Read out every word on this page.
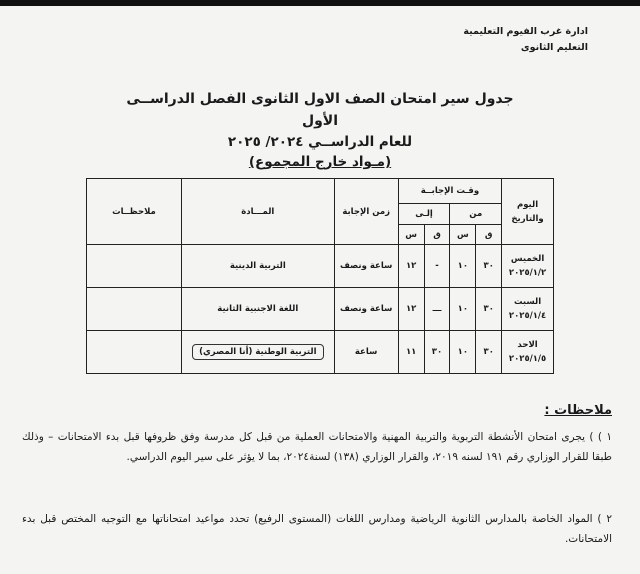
ادارة غرب الفيوم التعليمية
التعليم الثانوى
جدول سير امتحان الصف الاول الثانوى الفصل الدراســى الأول
للعام الدراســي ٢٠٢٤/ ٢٠٢٥
(مـواد خارج المجموع)
اليوم والتاريخ	وقـت الإجابــة				زمن الإجابة	المـــادة	ملاحظــات
	من		إلـى				
	ق	س	ق	س			

الخميس
٢٠٢٥/١/٢	٣٠	١٠	-	١٢	ساعة ونصف	التربية الدينية	

السبت
٢٠٢٥/١/٤	٣٠	١٠	ـــ	١٢	ساعة ونصف	اللغة الاجنبية الثانية	

الاحد
٢٠٢٥/١/٥	٣٠	١٠	٣٠	١١	ساعة	التربية الوطنية (أنا المصري)	
ملاحظات :
١ ) ) يجرى امتحان الأنشطة التربوية والتربية المهنية والامتحانات العملية من قبل كل مدرسة وفق ظروفها قبل بدء الامتحانات – وذلك طبقا للقرار الوزاري رقم ١٩١ لسنه ٢٠١٩، والقرار الوزاري (١٣٨) لسنة٢٠٢٤، بما لا يؤثر على سير اليوم الدراسي.
٢ ) المواد الخاصة بالمدارس الثانوية الرياضية ومدارس اللغات (المستوى الرفيع) تحدد مواعيد امتحاناتها مع التوجيه المختص قبل بدء الامتحانات.
